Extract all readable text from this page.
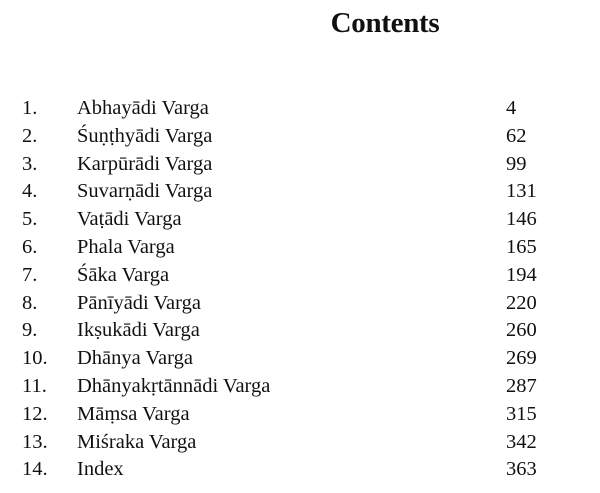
Contents
1. Abhayādi Varga	4
2. Śuṇṭhyādi Varga	62
3. Karpūrādi Varga	99
4. Suvarṇādi Varga	131
5. Vaṭādi Varga	146
6. Phala Varga	165
7. Śāka Varga	194
8. Pānīyādi Varga	220
9. Ikṣukādi Varga	260
10. Dhānya Varga	269
11. Dhānyakṛtānnādi Varga	287
12. Māṃsa Varga	315
13. Miśraka Varga	342
14. Index	363
